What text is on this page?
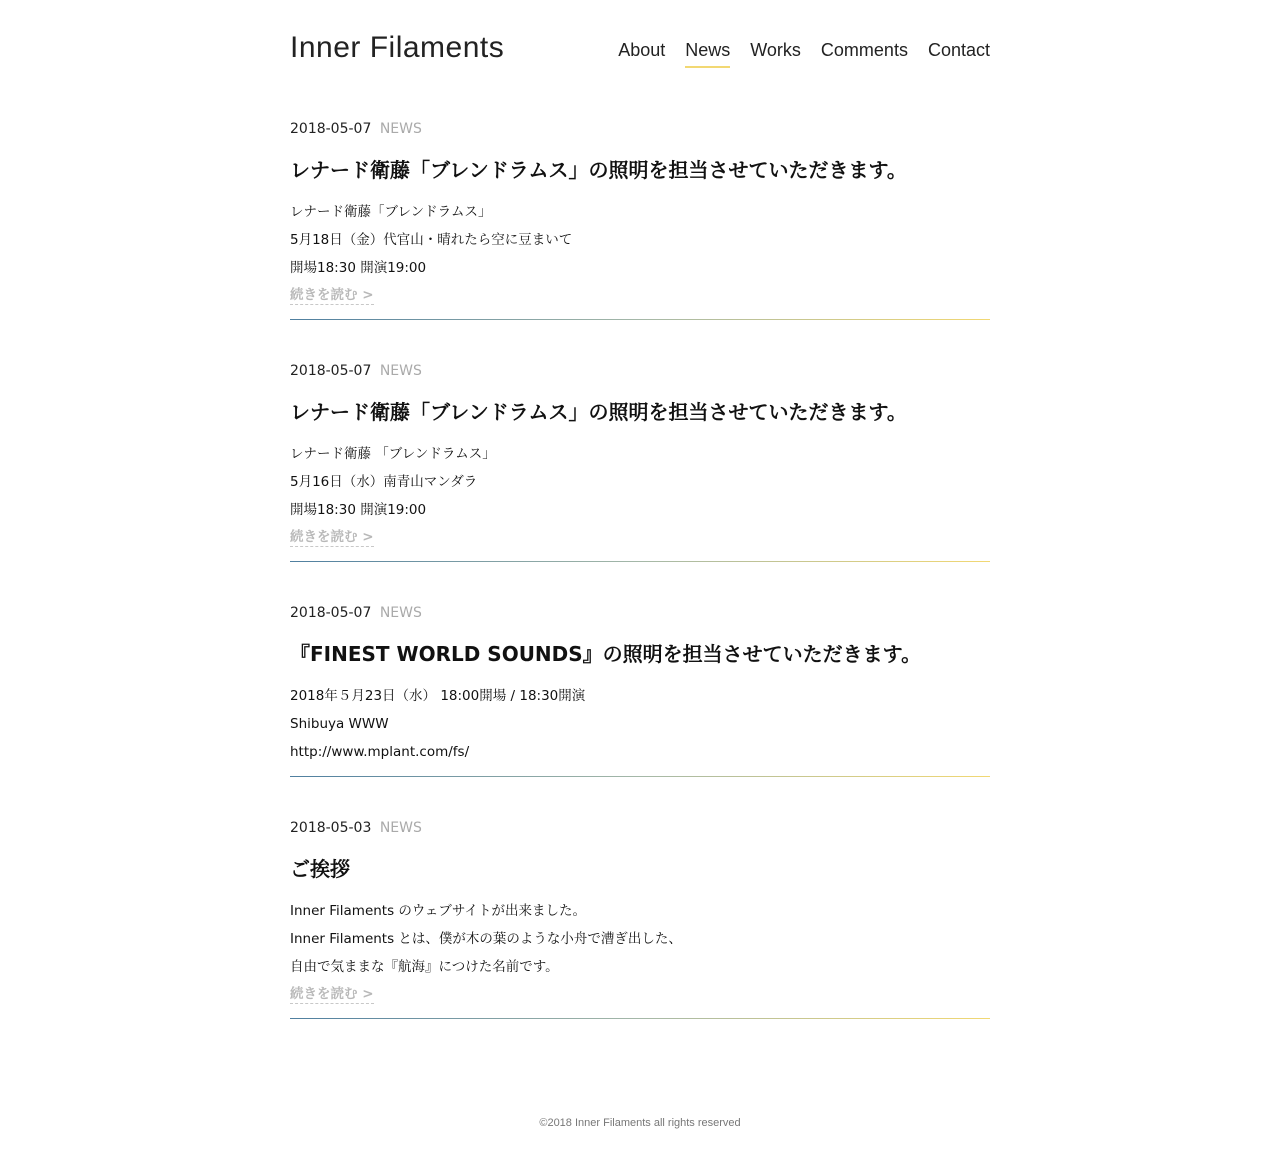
Inner Filaments	About News Works Comments Contact
2018-05-07 NEWS
レナード衛藤「ブレンドラムス」の照明を担当させていただきます。
レナード衛藤「ブレンドラムス」
5月18日（金）代官山・晴れたら空に豆まいて
開場18:30 開演19:00
続きを読む >
2018-05-07 NEWS
レナード衛藤「ブレンドラムス」の照明を担当させていただきます。
レナード衛藤 「ブレンドラムス」
5月16日（水）南青山マンダラ
開場18:30 開演19:00
続きを読む >
2018-05-07 NEWS
『FINEST WORLD SOUNDS』の照明を担当させていただきます。
2018年５月23日（水） 18:00開場 / 18:30開演
Shibuya WWW
http://www.mplant.com/fs/
2018-05-03 NEWS
ご挨拶
Inner Filaments のウェブサイトが出来ました。
Inner Filaments とは、僕が木の葉のような小舟で漕ぎ出した、
自由で気ままな『航海』につけた名前です。
続きを読む >
©2018 Inner Filaments all rights reserved
